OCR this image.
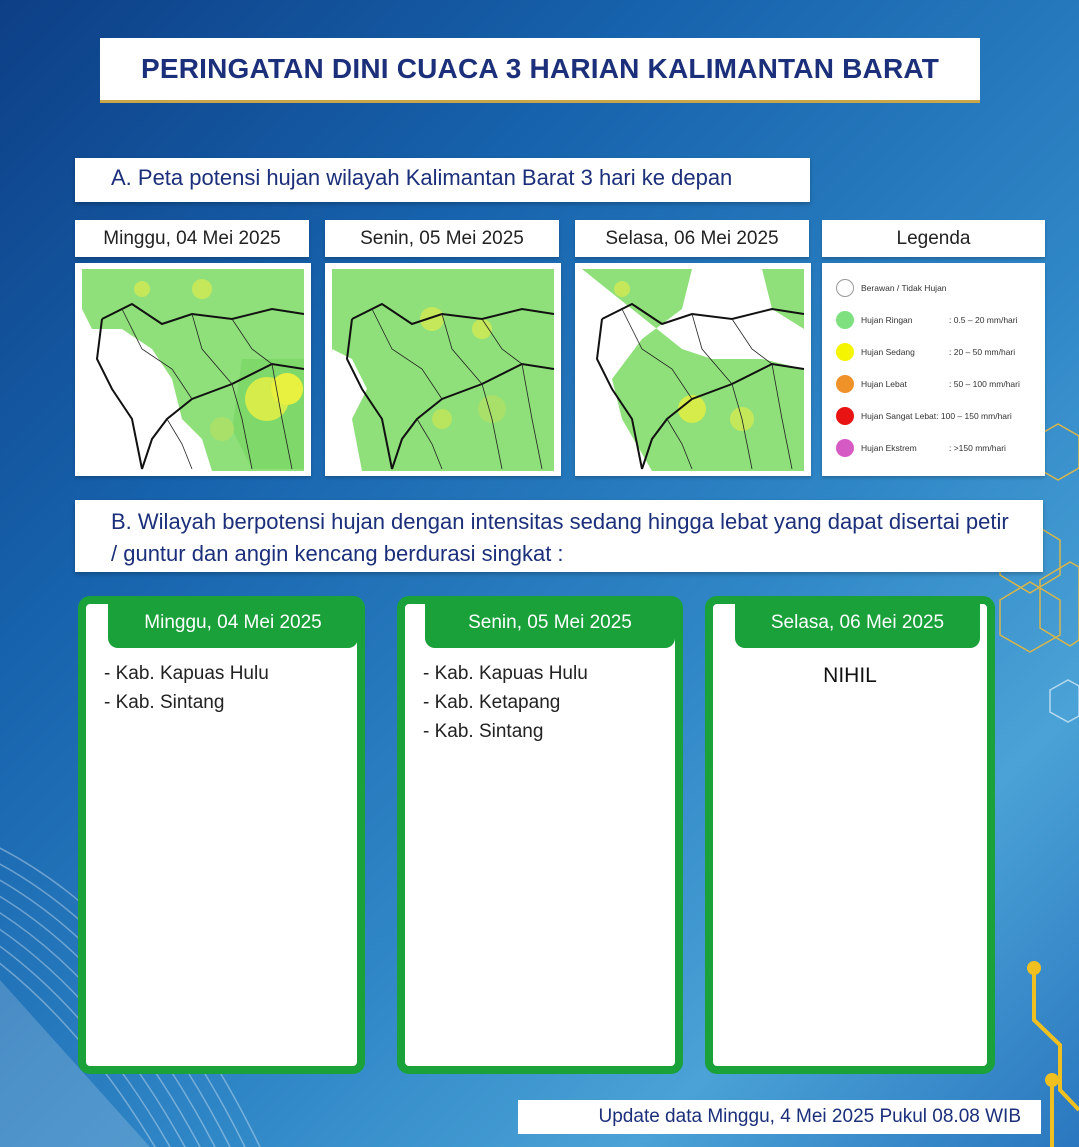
PERINGATAN DINI CUACA 3 HARIAN KALIMANTAN BARAT
A. Peta potensi hujan wilayah Kalimantan Barat 3 hari ke depan
Minggu, 04 Mei 2025	Senin, 05 Mei 2025	Selasa, 06 Mei 2025	Legenda
Berawan / Tidak Hujan
Hujan Ringan	: 0.5 – 20 mm/hari
Hujan Sedang	: 20 – 50 mm/hari
Hujan Lebat	: 50 – 100 mm/hari
Hujan Sangat Lebat : 100 – 150 mm/hari
Hujan Ekstrem	: >150 mm/hari
B. Wilayah berpotensi hujan dengan intensitas sedang hingga lebat yang dapat disertai petir / guntur dan angin kencang berdurasi singkat :
Minggu, 04 Mei 2025
- Kab. Kapuas Hulu
- Kab. Sintang
Senin, 05 Mei 2025
- Kab. Kapuas Hulu
- Kab. Ketapang
- Kab. Sintang
Selasa, 06 Mei 2025
NIHIL
Update data Minggu, 4 Mei 2025 Pukul 08.08 WIB
